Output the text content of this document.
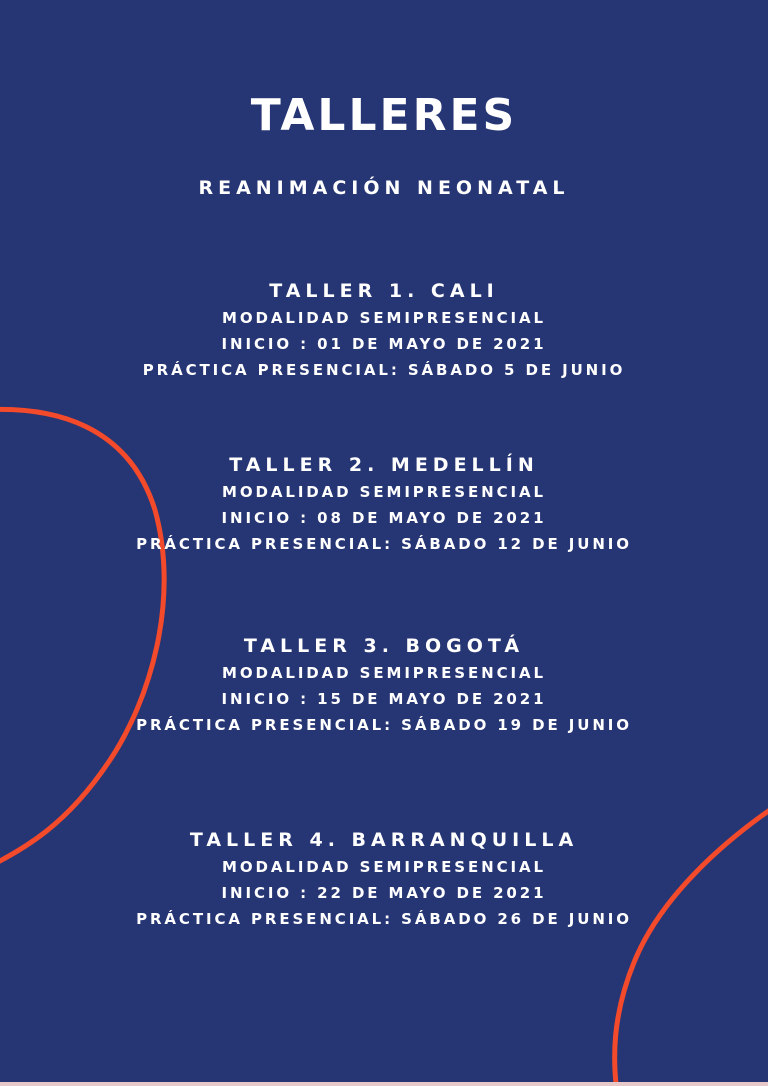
TALLERES
REANIMACIÓN NEONATAL
TALLER 1. CALI
MODALIDAD SEMIPRESENCIAL
INICIO : 01 DE MAYO DE 2021
PRÁCTICA PRESENCIAL: SÁBADO 5 DE JUNIO
TALLER 2. MEDELLÍN
MODALIDAD SEMIPRESENCIAL
INICIO : 08 DE MAYO DE 2021
PRÁCTICA PRESENCIAL: SÁBADO 12 DE JUNIO
TALLER 3. BOGOTÁ
MODALIDAD SEMIPRESENCIAL
INICIO : 15 DE MAYO DE 2021
PRÁCTICA PRESENCIAL: SÁBADO 19 DE JUNIO
TALLER 4. BARRANQUILLA
MODALIDAD SEMIPRESENCIAL
INICIO : 22 DE MAYO DE 2021
PRÁCTICA PRESENCIAL: SÁBADO 26 DE JUNIO
